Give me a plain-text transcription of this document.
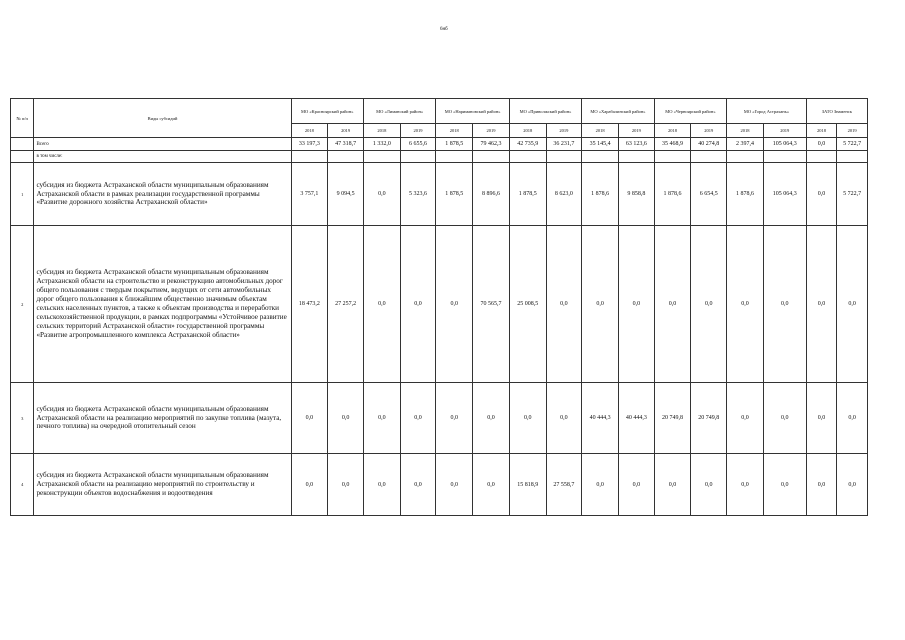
6нб
№ п/п	Виды субсидий	МО «Красноярский район»		МО «Лиманский район»		МО «Наримановский район»		МО «Приволжский район»		МО «Харабалинский район»		МО «Черноярский район»		МО «Город Астрахань»		ЗАТО Знаменск	
		2018	2019	2018	2019	2018	2019	2018	2019	2018	2019	2018	2019	2018	2019	2018	2019
	Всего	33 197,3	47 318,7	1 332,0	6 655,6	1 878,5	79 462,3	42 735,9	36 231,7	35 145,4	63 123,6	35 468,9	40 274,8	2 397,4	105 064,3	0,0	5 722,7
	в том числе:																
1	субсидия из бюджета Астраханской области муниципальным образованиям Астраханской области в рамках реализации государственной программы «Развитие дорожного хозяйства Астраханской области»	3 757,1	9 094,5	0,0	5 323,6	1 878,5	8 896,6	1 878,5	8 623,0	1 878,6	9 858,8	1 878,6	6 654,5	1 878,6	105 064,3	0,0	5 722,7
2	субсидия из бюджета Астраханской области муниципальным образованиям Астраханской области на строительство и реконструкцию автомобильных дорог общего пользования с твердым покрытием, ведущих от сети автомобильных дорог общего пользования к ближайшим общественно значимым объектам сельских населенных пунктов, а также к объектам производства и переработки сельскохозяйственной продукции, в рамках подпрограммы «Устойчивое развитие сельских территорий Астраханской области» государственной программы «Развитие агропромышленного комплекса Астраханской области»	18 473,2	27 257,2	0,0	0,0	0,0	70 565,7	25 008,5	0,0	0,0	0,0	0,0	0,0	0,0	0,0	0,0	0,0
3	субсидия из бюджета Астраханской области муниципальным образованиям Астраханской области на реализацию мероприятий по закупке топлива (мазута, печного топлива) на очередной отопительный сезон	0,0	0,0	0,0	0,0	0,0	0,0	0,0	0,0	40 444,3	40 444,3	20 749,8	20 749,8	0,0	0,0	0,0	0,0
4	субсидия из бюджета Астраханской области муниципальным образованиям Астраханской области на реализацию мероприятий по строительству и реконструкции объектов водоснабжения и водоотведения	0,0	0,0	0,0	0,0	0,0	0,0	15 818,9	27 558,7	0,0	0,0	0,0	0,0	0,0	0,0	0,0	0,0
